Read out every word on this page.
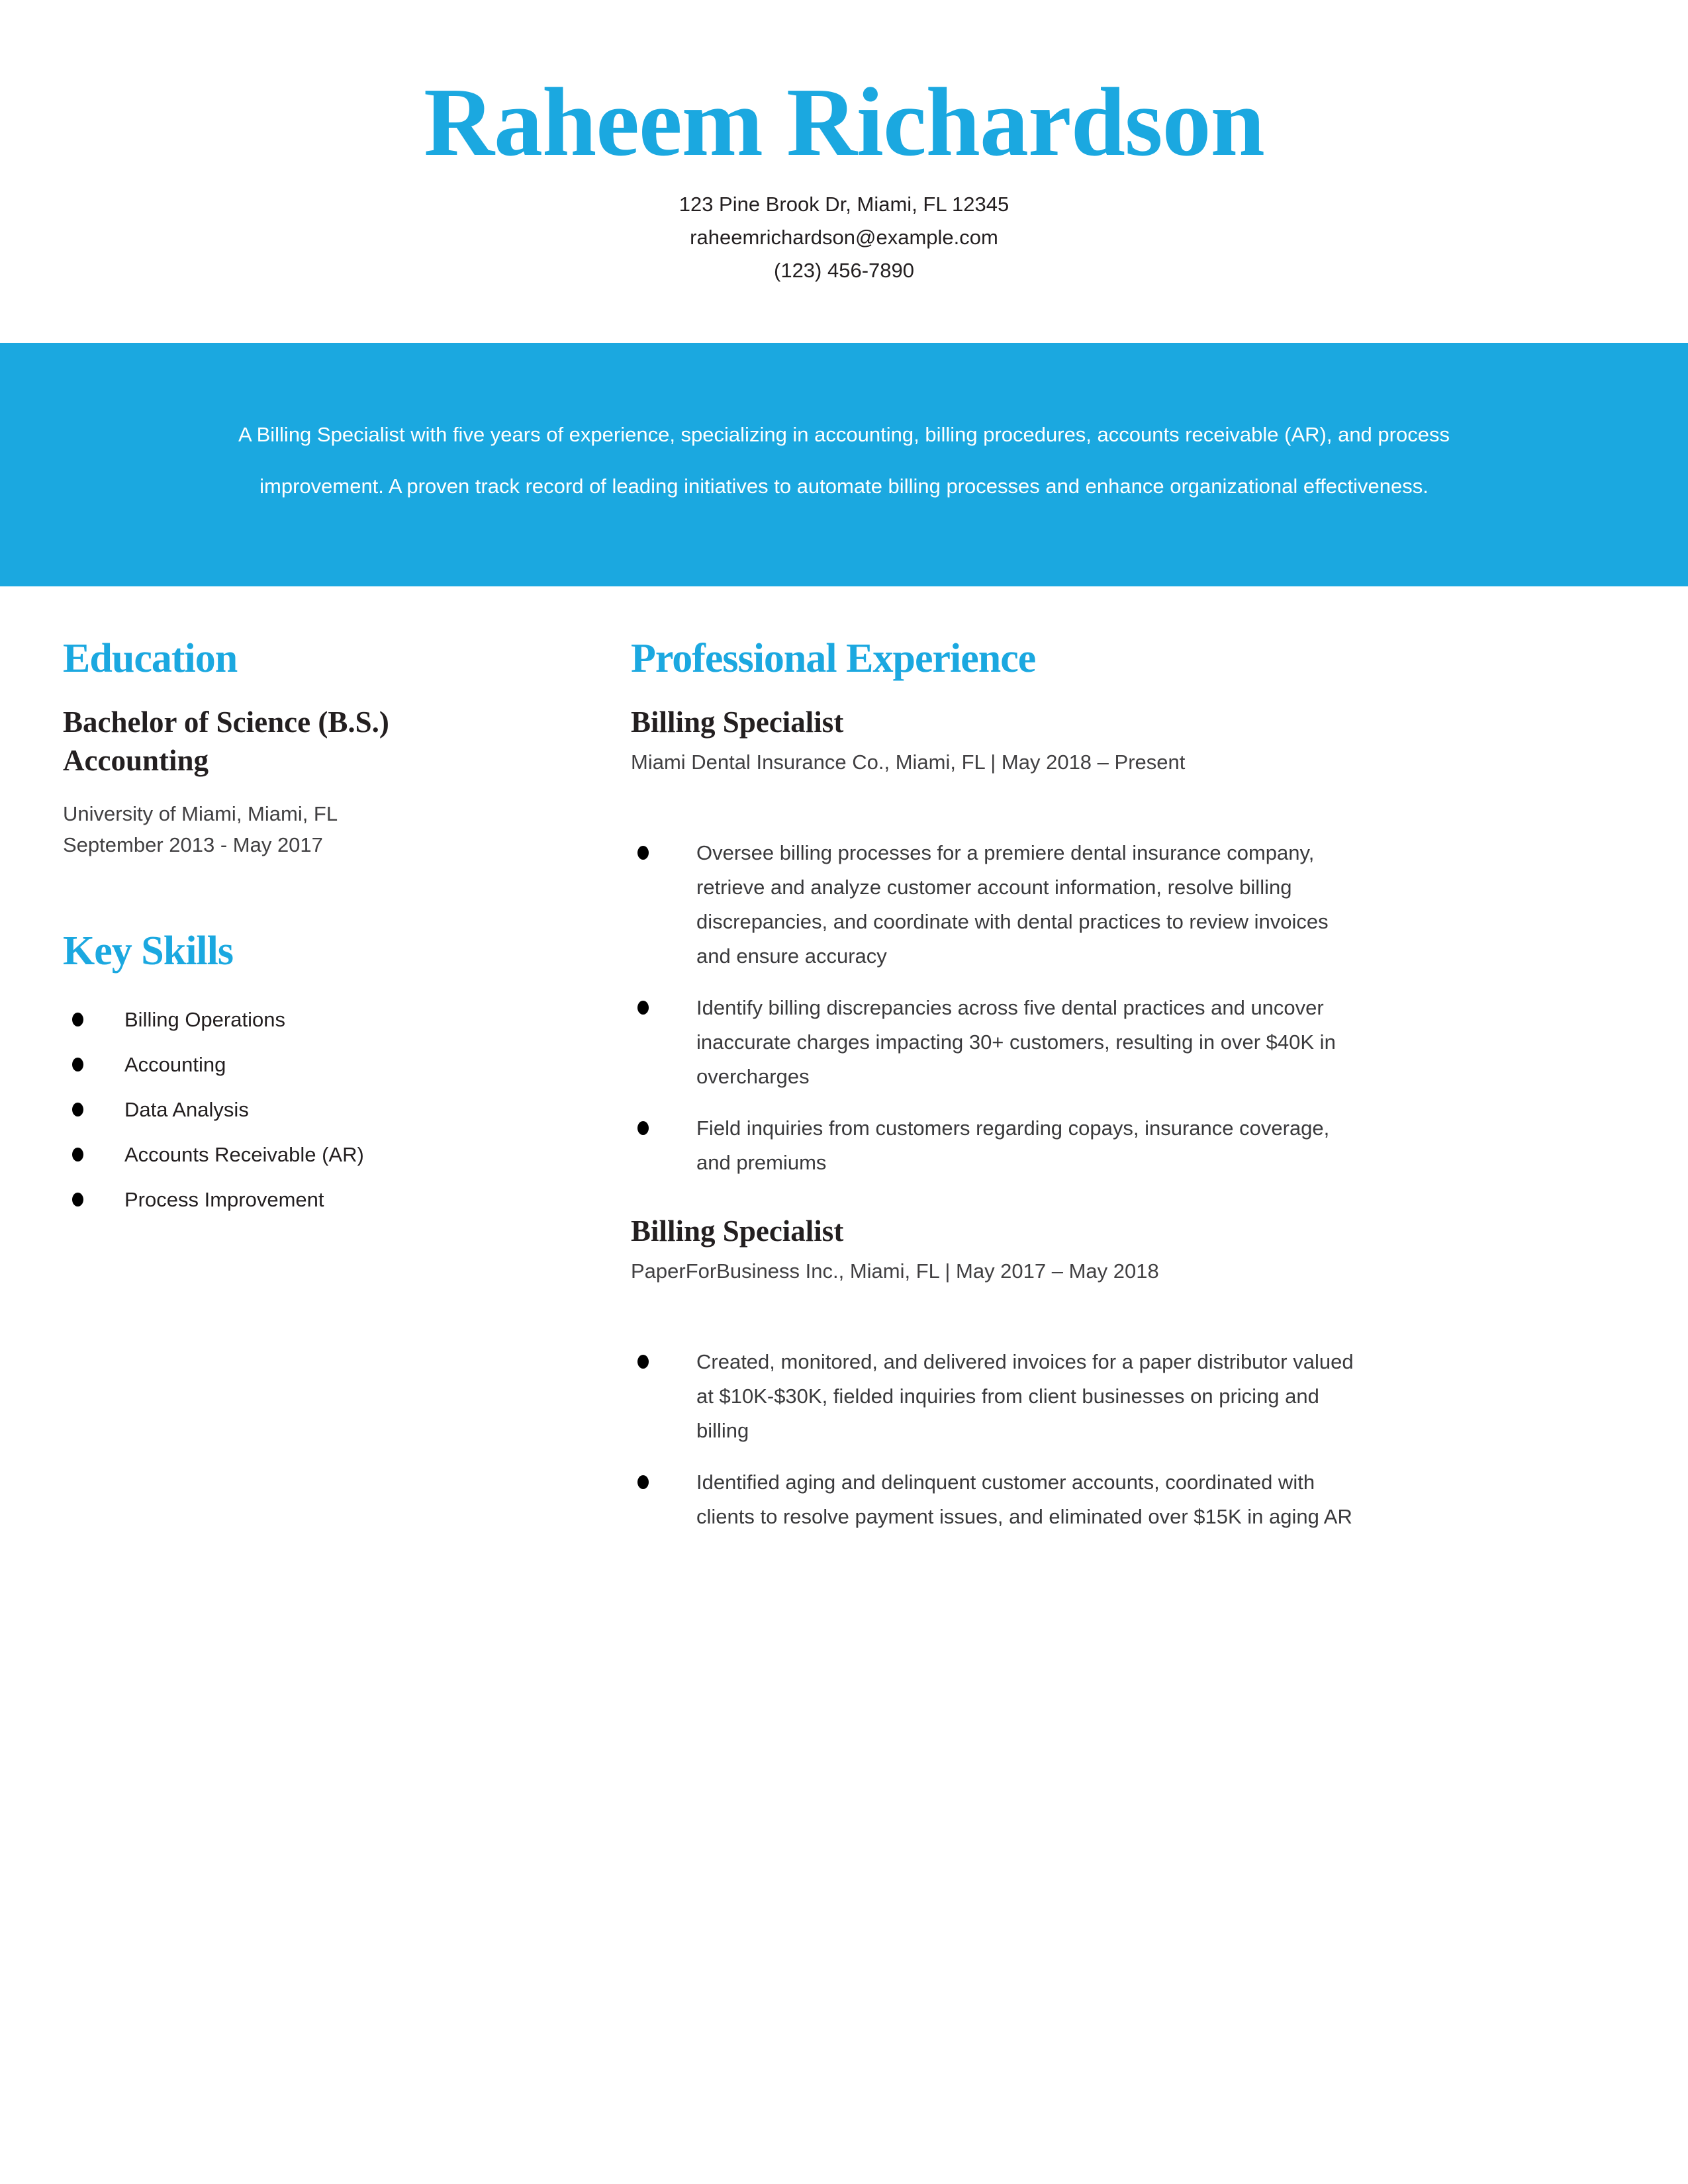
Raheem Richardson
123 Pine Brook Dr, Miami, FL 12345
raheemrichardson@example.com
(123) 456-7890

A Billing Specialist with five years of experience, specializing in accounting, billing procedures, accounts receivable (AR), and process improvement. A proven track record of leading initiatives to automate billing processes and enhance organizational effectiveness.

Education
Bachelor of Science (B.S.)
Accounting
University of Miami, Miami, FL
September 2013 - May 2017
Key Skills
Billing Operations
Accounting
Data Analysis
Accounts Receivable (AR)
Process Improvement
Professional Experience
Billing Specialist
Miami Dental Insurance Co., Miami, FL | May 2018 – Present
Oversee billing processes for a premiere dental insurance company, retrieve and analyze customer account information, resolve billing discrepancies, and coordinate with dental practices to review invoices and ensure accuracy
Identify billing discrepancies across five dental practices and uncover inaccurate charges impacting 30+ customers, resulting in over $40K in overcharges
Field inquiries from customers regarding copays, insurance coverage, and premiums
Billing Specialist
PaperForBusiness Inc., Miami, FL | May 2017 – May 2018
Created, monitored, and delivered invoices for a paper distributor valued at $10K-$30K, fielded inquiries from client businesses on pricing and billing
Identified aging and delinquent customer accounts, coordinated with clients to resolve payment issues, and eliminated over $15K in aging AR
